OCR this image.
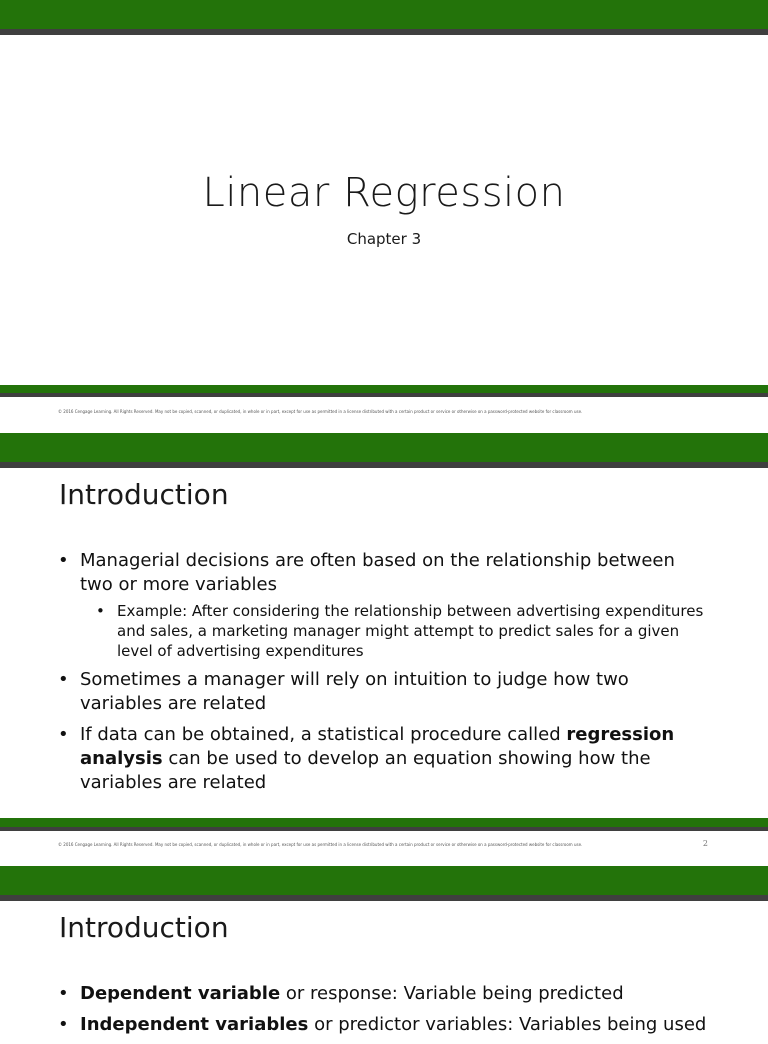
Linear Regression
Chapter 3
© 2016 Cengage Learning. All Rights Reserved. May not be copied, scanned, or duplicated, in whole or in part, except for use as permitted in a license distributed with a certain product or service or otherwise on a password-protected website for classroom use.
Introduction
• Managerial decisions are often based on the relationship between two or more variables
• Example: After considering the relationship between advertising expenditures and sales, a marketing manager might attempt to predict sales for a given level of advertising expenditures
• Sometimes a manager will rely on intuition to judge how two variables are related
• If data can be obtained, a statistical procedure called regression analysis can be used to develop an equation showing how the variables are related
© 2016 Cengage Learning. All Rights Reserved. May not be copied, scanned, or duplicated, in whole or in part, except for use as permitted in a license distributed with a certain product or service or otherwise on a password-protected website for classroom use.	2
Introduction
• Dependent variable or response: Variable being predicted
• Independent variables or predictor variables: Variables being used
